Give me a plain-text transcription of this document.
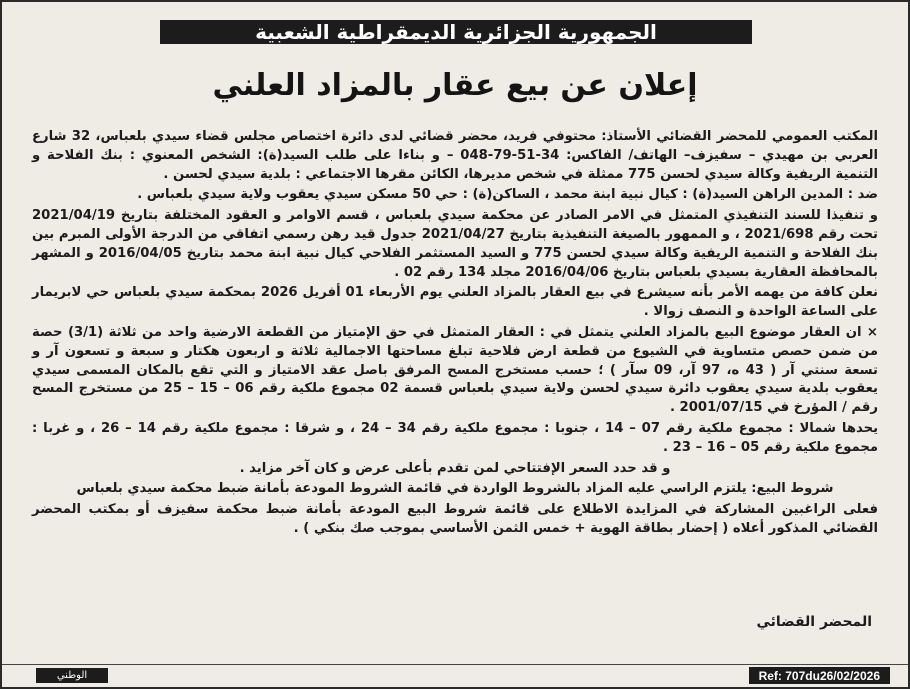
الجمهورية الجزائرية الديمقراطية الشعبية
إعلان عن بيع عقار بالمزاد العلني

المكتب العمومي للمحضر القضائي الأستاذ: محتوفي فريد، محضر قضائي لدى دائرة اختصاص مجلس قضاء سيدي بلعباس، 32 شارع العربي بن مهيدي – سفيزف– الهاتف/ الفاكس: 34-51-79-048 – و بناءا على طلب السيد(ة): الشخص المعنوي : بنك الفلاحة و التنمية الريفية وكالة سيدي لحسن 775 ممثلة في شخص مديرها، الكائن مقرها الاجتماعي : بلدية سيدي لحسن .

ضد : المدين الراهن السيد(ة) : كيال نبية ابنة محمد ، الساكن(ة) : حي 50 مسكن سيدي يعقوب ولاية سيدي بلعباس .

و تنفيذا للسند التنفيذي المتمثل في الامر الصادر عن محكمة سيدي بلعباس ، قسم الاوامر و العقود المختلفة بتاريخ 2021/04/19 تحت رقم 2021/698 ، و الممهور بالصيغة التنفيذية بتاريخ 2021/04/27 جدول قيد رهن رسمي اتفاقي من الدرجة الأولى المبرم بين بنك الفلاحة و التنمية الريفية وكالة سيدي لحسن 775 و السيد المستثمر الفلاحي كيال نبية ابنة محمد بتاريخ 2016/04/05 و المشهر بالمحافظة العقارية بسيدي بلعباس بتاريخ 2016/04/06 مجلد 134 رقم 02 .

نعلن كافة من يهمه الأمر بأنه سيشرع في بيع العقار بالمزاد العلني يوم الأربعاء 01 أفريل 2026 بمحكمة سيدي بلعباس حي لابريمار على الساعة الواحدة و النصف زوالا .

× ان العقار موضوع البيع بالمزاد العلني يتمثل في : العقار المتمثل في حق الإمتياز من القطعة الارضية واحد من ثلاثة (3/1) حصة من ضمن حصص متساوية في الشيوع من قطعة ارض فلاحية تبلغ مساحتها الاجمالية ثلاثة و اربعون هكتار و سبعة و تسعون آر و تسعة سنتي آر ( 43 ه، 97 آر، 09 سآر ) ؛ حسب مستخرج المسح المرفق باصل عقد الامتياز و التي تقع بالمكان المسمى سيدي يعقوب بلدية سيدي يعقوب دائرة سيدي لحسن ولاية سيدي بلعباس قسمة 02 مجموع ملكية رقم 06 – 15 – 25 من مستخرج المسح رقم / المؤرخ في 2001/07/15 .

يحدها شمالا : مجموع ملكية رقم 07 – 14 ، جنوبا : مجموع ملكية رقم 34 – 24 ، و شرقا : مجموع ملكية رقم 14 – 26 ، و غربا : مجموع ملكية رقم 05 – 16 – 23 .

و قد حدد السعر الإفتتاحي لمن تقدم بأعلى عرض و كان آخر مزايد .

شروط البيع: يلتزم الراسي عليه المزاد بالشروط الواردة في قائمة الشروط المودعة بأمانة ضبط محكمة سيدي بلعباس

فعلى الراغبين المشاركة في المزايدة الاطلاع على قائمة شروط البيع المودعة بأمانة ضبط محكمة سفيزف أو بمكتب المحضر القضائي المذكور أعلاه ( إحضار بطاقة الهوية + خمس الثمن الأساسي بموجب صك بنكي ) .

المحضر القضائي
الوطني	Ref: 707du26/02/2026
